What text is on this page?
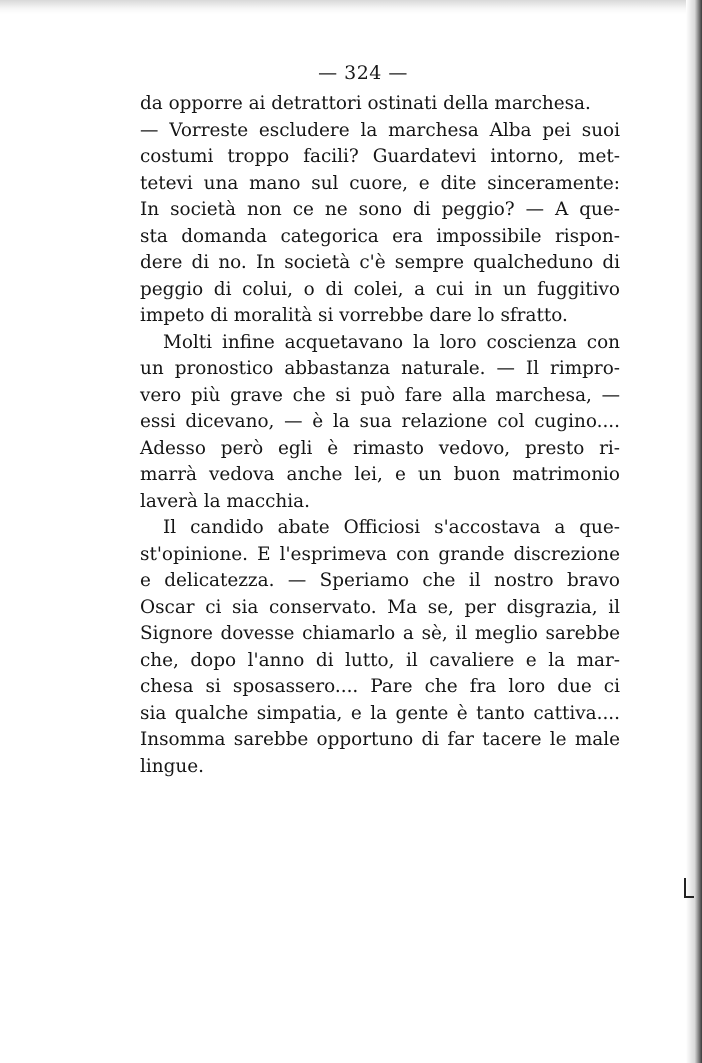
— 324 —
da opporre ai detrattori ostinati della marchesa.
— Vorreste escludere la marchesa Alba pei suoi
costumi troppo facili? Guardatevi intorno, met-
tetevi una mano sul cuore, e dite sinceramente:
In società non ce ne sono di peggio? — A que-
sta domanda categorica era impossibile rispon-
dere di no. In società c'è sempre qualcheduno di
peggio di colui, o di colei, a cui in un fuggitivo
impeto di moralità si vorrebbe dare lo sfratto.
Molti infine acquetavano la loro coscienza con
un pronostico abbastanza naturale. — Il rimpro-
vero più grave che si può fare alla marchesa, —
essi dicevano, — è la sua relazione col cugino....
Adesso però egli è rimasto vedovo, presto ri-
marrà vedova anche lei, e un buon matrimonio
laverà la macchia.
Il candido abate Officiosi s'accostava a que-
st'opinione. E l'esprimeva con grande discrezione
e delicatezza. — Speriamo che il nostro bravo
Oscar ci sia conservato. Ma se, per disgrazia, il
Signore dovesse chiamarlo a sè, il meglio sarebbe
che, dopo l'anno di lutto, il cavaliere e la mar-
chesa si sposassero.... Pare che fra loro due ci
sia qualche simpatia, e la gente è tanto cattiva....
Insomma sarebbe opportuno di far tacere le male
lingue.
